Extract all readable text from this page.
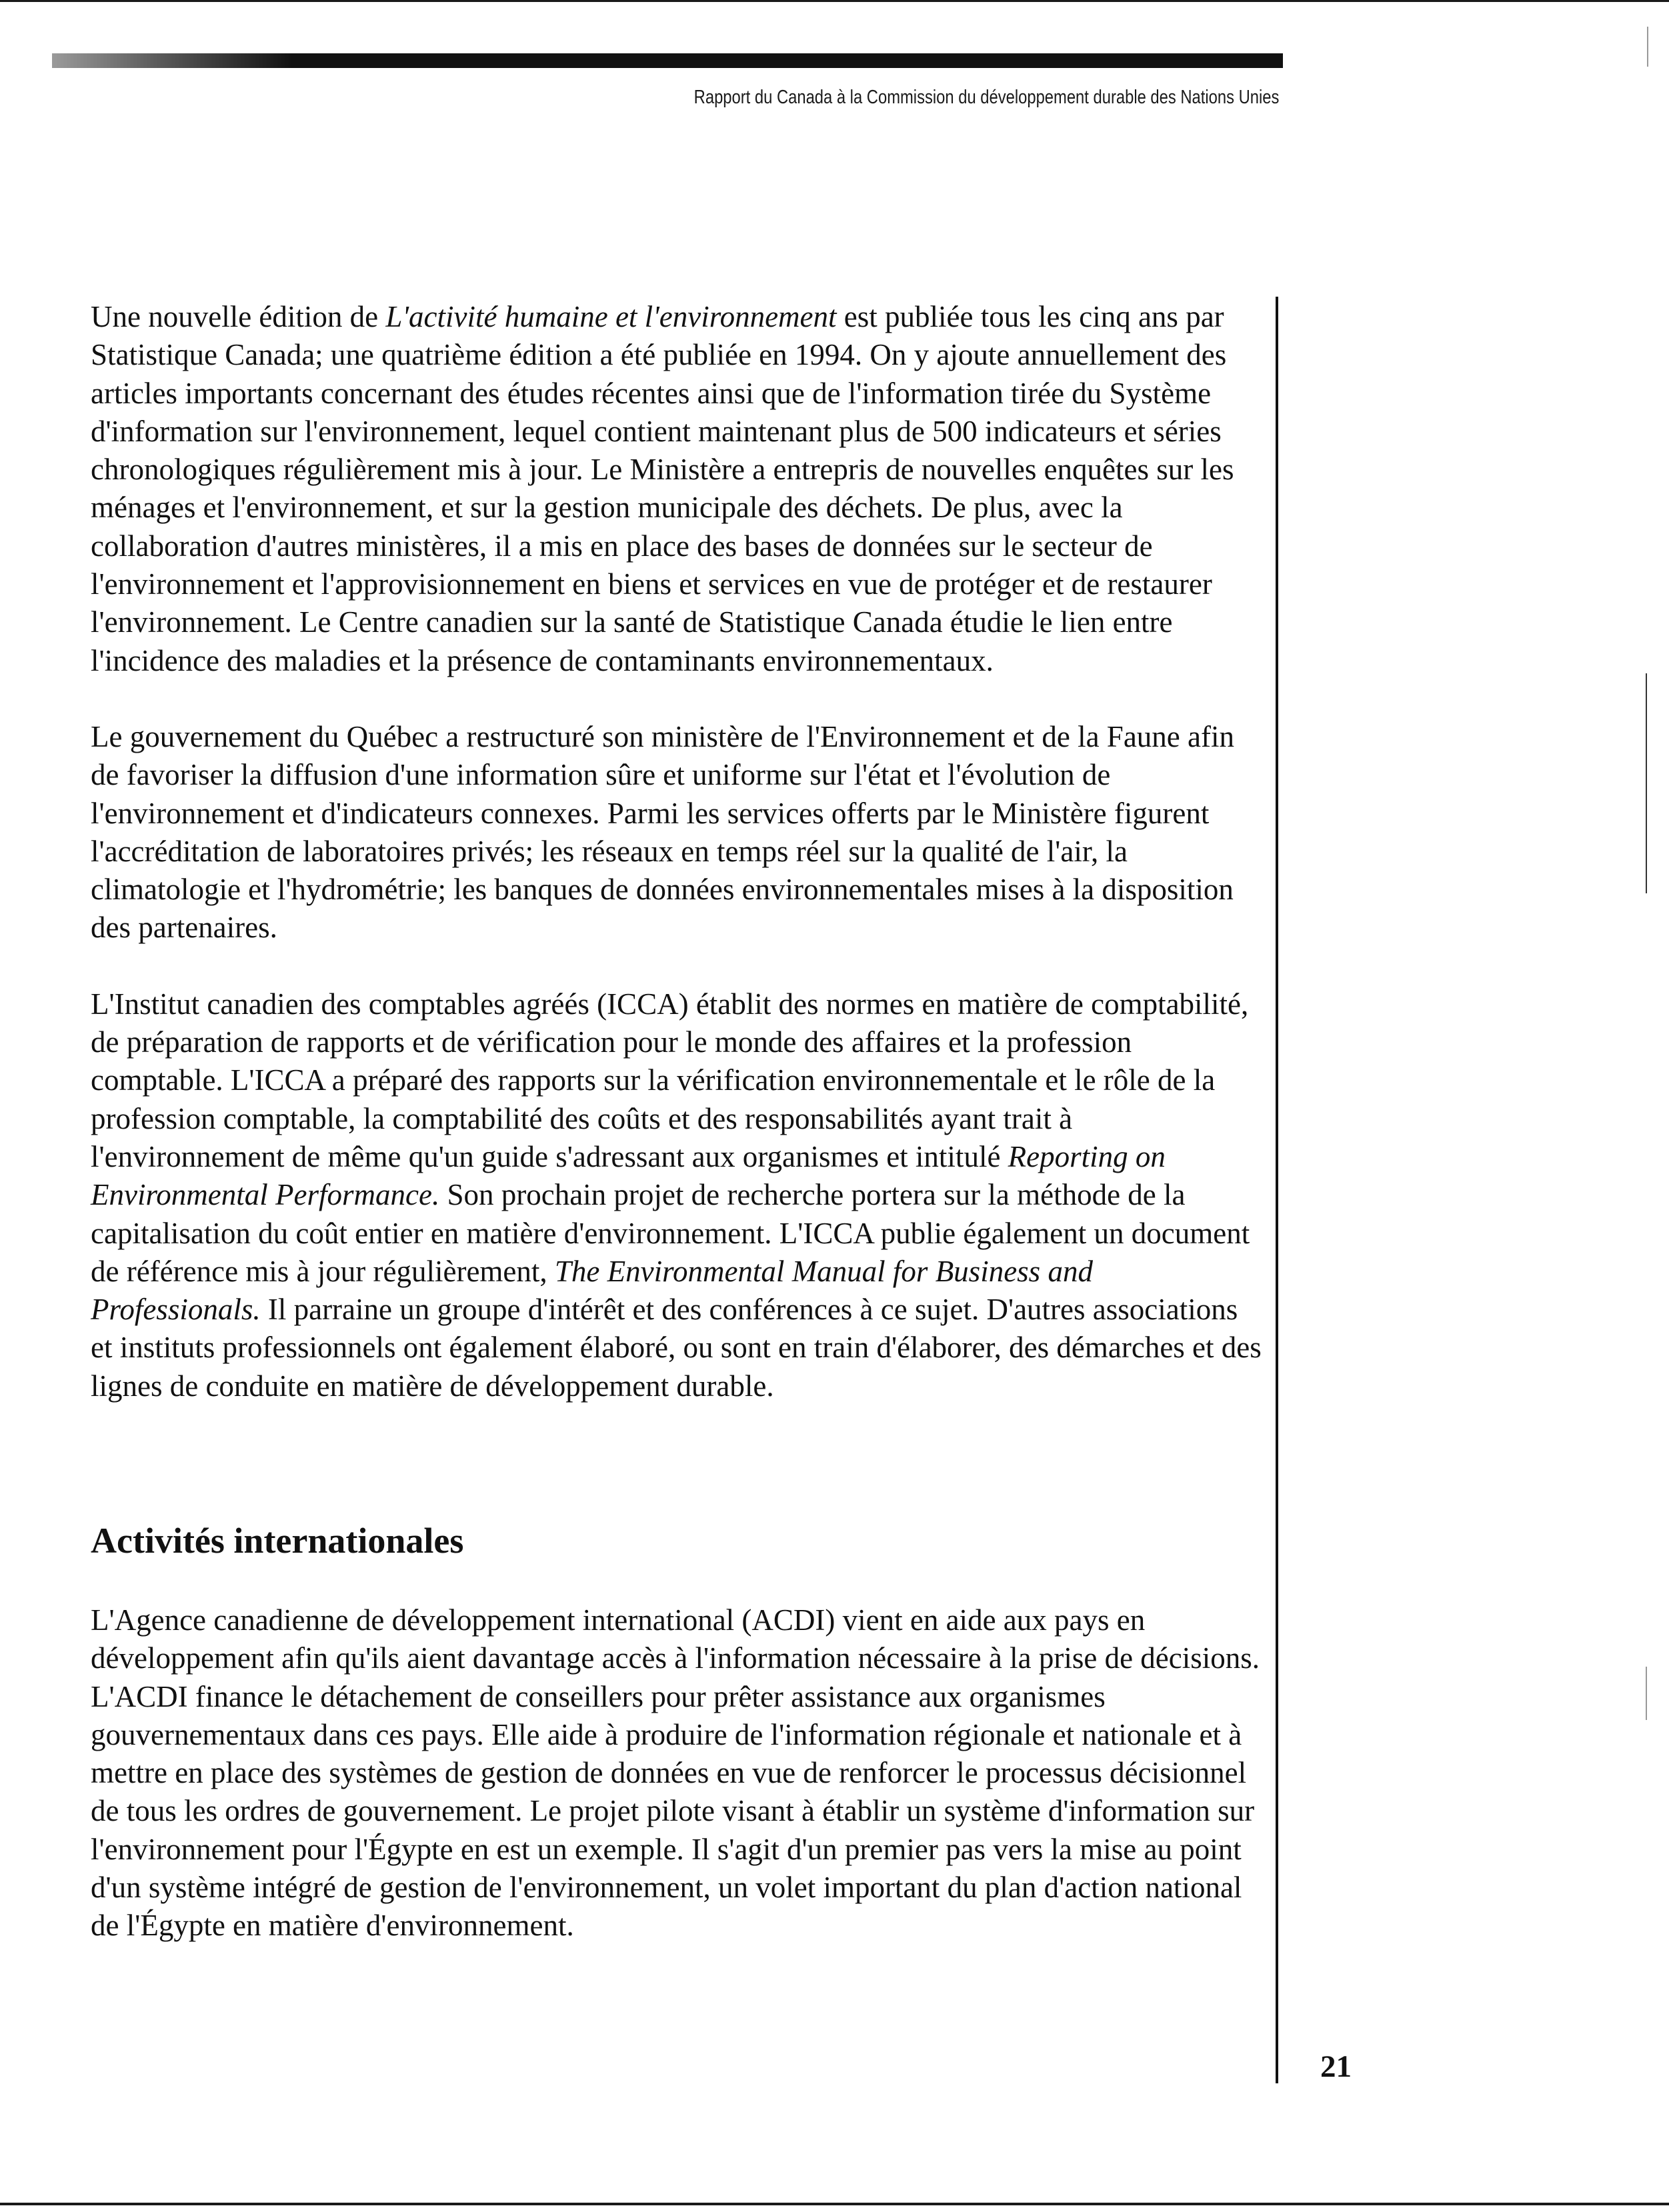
Rapport du Canada à la Commission du développement durable des Nations Unies

Une nouvelle édition de L'activité humaine et l'environnement est publiée tous les cinq ans par Statistique Canada; une quatrième édition a été publiée en 1994. On y ajoute annuellement des articles importants concernant des études récentes ainsi que de l'information tirée du Système d'information sur l'environnement, lequel contient maintenant plus de 500 indicateurs et séries chronologiques régulièrement mis à jour. Le Ministère a entrepris de nouvelles enquêtes sur les ménages et l'environnement, et sur la gestion municipale des déchets. De plus, avec la collaboration d'autres ministères, il a mis en place des bases de données sur le secteur de l'environnement et l'approvisionnement en biens et services en vue de protéger et de restaurer l'environnement. Le Centre canadien sur la santé de Statistique Canada étudie le lien entre l'incidence des maladies et la présence de contaminants environnementaux.

Le gouvernement du Québec a restructuré son ministère de l'Environnement et de la Faune afin de favoriser la diffusion d'une information sûre et uniforme sur l'état et l'évolution de l'environnement et d'indicateurs connexes. Parmi les services offerts par le Ministère figurent l'accréditation de laboratoires privés; les réseaux en temps réel sur la qualité de l'air, la climatologie et l'hydrométrie; les banques de données environnementales mises à la disposition des partenaires.

L'Institut canadien des comptables agréés (ICCA) établit des normes en matière de comptabilité, de préparation de rapports et de vérification pour le monde des affaires et la profession comptable. L'ICCA a préparé des rapports sur la vérification environnementale et le rôle de la profession comptable, la comptabilité des coûts et des responsabilités ayant trait à l'environnement de même qu'un guide s'adressant aux organismes et intitulé Reporting on Environmental Performance. Son prochain projet de recherche portera sur la méthode de la capitalisation du coût entier en matière d'environnement. L'ICCA publie également un document de référence mis à jour régulièrement, The Environmental Manual for Business and Professionals. Il parraine un groupe d'intérêt et des conférences à ce sujet. D'autres associations et instituts professionnels ont également élaboré, ou sont en train d'élaborer, des démarches et des lignes de conduite en matière de développement durable.

Activités internationales

L'Agence canadienne de développement international (ACDI) vient en aide aux pays en développement afin qu'ils aient davantage accès à l'information nécessaire à la prise de décisions. L'ACDI finance le détachement de conseillers pour prêter assistance aux organismes gouvernementaux dans ces pays. Elle aide à produire de l'information régionale et nationale et à mettre en place des systèmes de gestion de données en vue de renforcer le processus décisionnel de tous les ordres de gouvernement. Le projet pilote visant à établir un système d'information sur l'environnement pour l'Égypte en est un exemple. Il s'agit d'un premier pas vers la mise au point d'un système intégré de gestion de l'environnement, un volet important du plan d'action national de l'Égypte en matière d'environnement.

21
